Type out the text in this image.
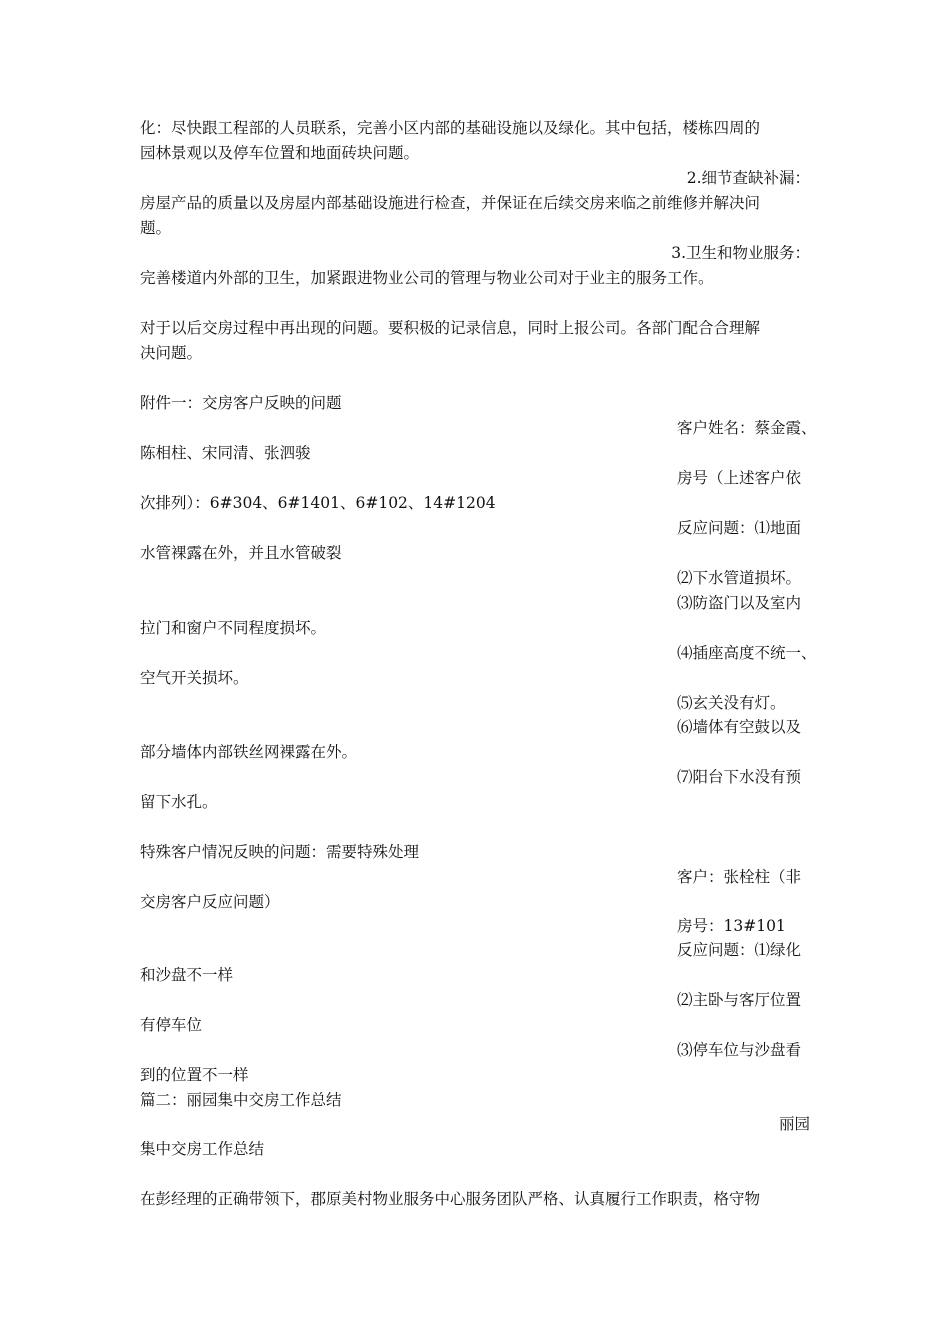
化：尽快跟工程部的人员联系，完善小区内部的基础设施以及绿化。其中包括，楼栋四周的

园林景观以及停车位置和地面砖块问题。

2.细节查缺补漏：

房屋产品的质量以及房屋内部基础设施进行检查，并保证在后续交房来临之前维修并解决问

题。

3.卫生和物业服务：

完善楼道内外部的卫生，加紧跟进物业公司的管理与物业公司对于业主的服务工作。

对于以后交房过程中再出现的问题。要积极的记录信息，同时上报公司。各部门配合合理解

决问题。

附件一：交房客户反映的问题

客户姓名：蔡金霞、

陈相柱、宋同清、张泗骏

房号（上述客户依

次排列）：6#304、6#1401、6#102、14#1204

反应问题：⑴地面

水管裸露在外，并且水管破裂

⑵下水管道损坏。

⑶防盗门以及室内

拉门和窗户不同程度损坏。

⑷插座高度不统一、

空气开关损坏。

⑸玄关没有灯。

⑹墙体有空鼓以及

部分墙体内部铁丝网裸露在外。

⑺阳台下水没有预

留下水孔。

特殊客户情况反映的问题：需要特殊处理

客户：张栓柱（非

交房客户反应问题）

房号：13#101

反应问题：⑴绿化

和沙盘不一样

⑵主卧与客厅位置

有停车位

⑶停车位与沙盘看

到的位置不一样

篇二：丽园集中交房工作总结

丽园

集中交房工作总结

在彭经理的正确带领下，郡原美村物业服务中心服务团队严格、认真履行工作职责，格守物
